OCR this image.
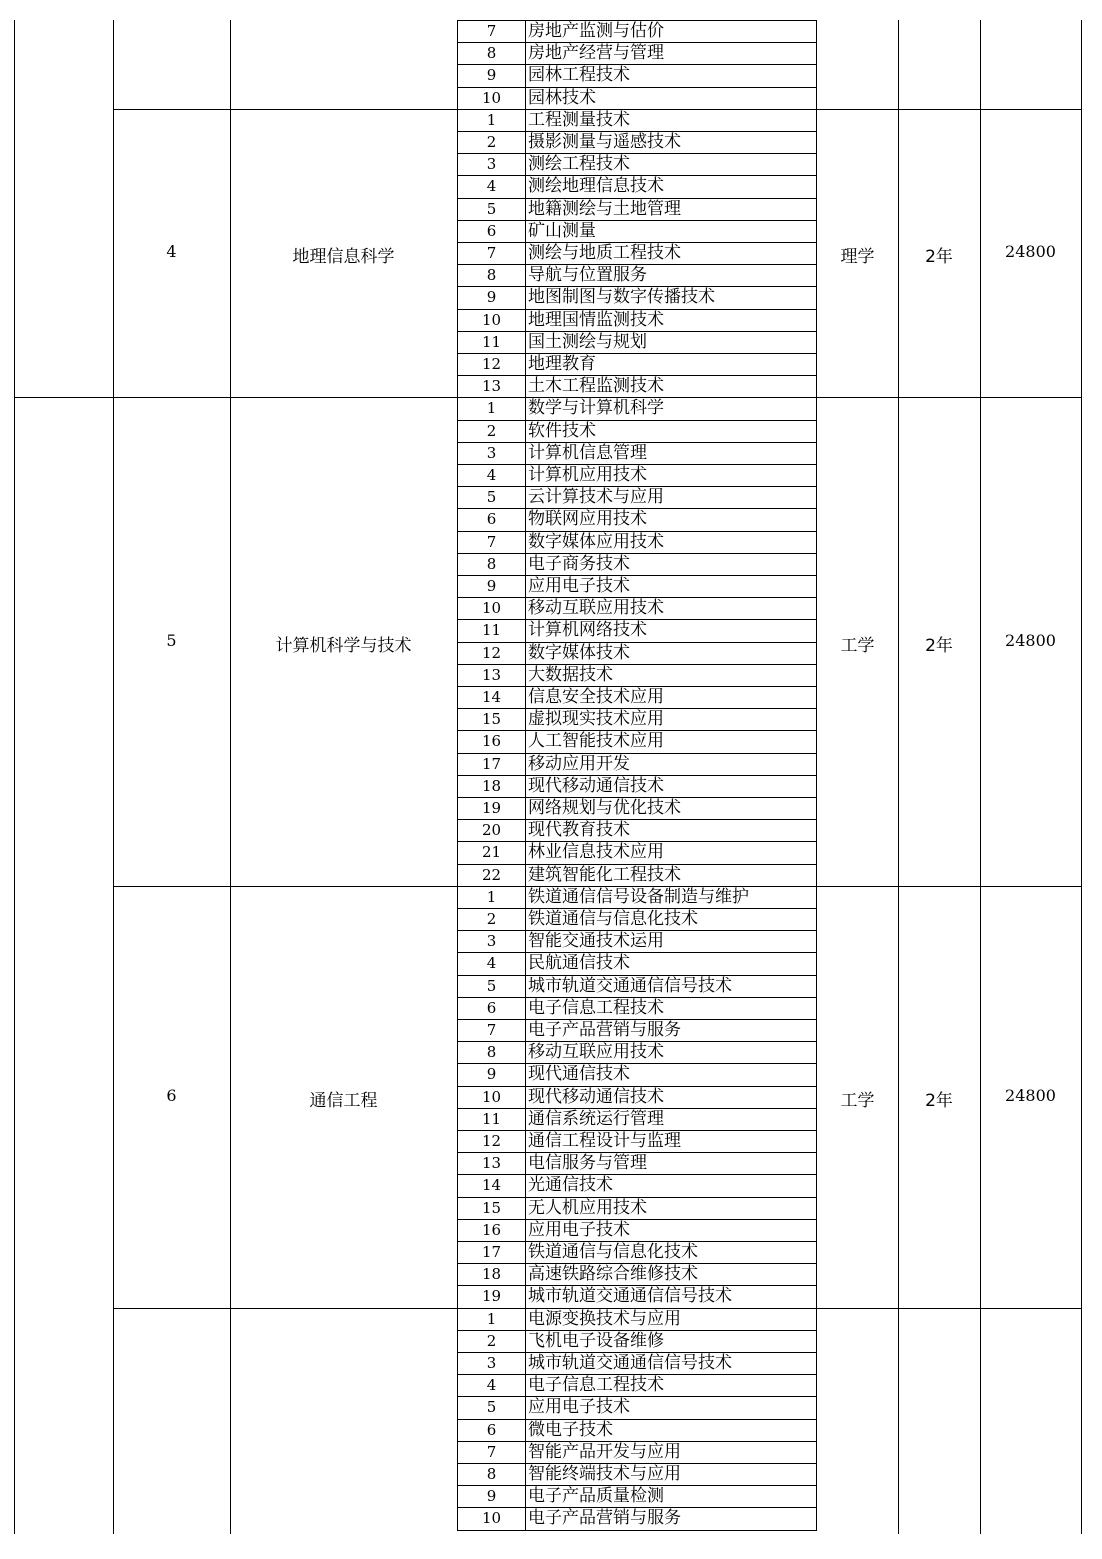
7	房地产监测与估价
8	房地产经营与管理
9	园林工程技术
10	园林技术
1	工程测量技术
2	摄影测量与遥感技术
3	测绘工程技术
4	测绘地理信息技术
5	地籍测绘与土地管理
6	矿山测量
7	测绘与地质工程技术
8	导航与位置服务
9	地图制图与数字传播技术
10	地理国情监测技术
11	国土测绘与规划
12	地理教育
13	土木工程监测技术
4	地理信息科学	理学	2年	24800
1	数学与计算机科学
2	软件技术
3	计算机信息管理
4	计算机应用技术
5	云计算技术与应用
6	物联网应用技术
7	数字媒体应用技术
8	电子商务技术
9	应用电子技术
10	移动互联应用技术
11	计算机网络技术
12	数字媒体技术
13	大数据技术
14	信息安全技术应用
15	虚拟现实技术应用
16	人工智能技术应用
17	移动应用开发
18	现代移动通信技术
19	网络规划与优化技术
20	现代教育技术
21	林业信息技术应用
22	建筑智能化工程技术
5	计算机科学与技术	工学	2年	24800
1	铁道通信信号设备制造与维护
2	铁道通信与信息化技术
3	智能交通技术运用
4	民航通信技术
5	城市轨道交通通信信号技术
6	电子信息工程技术
7	电子产品营销与服务
8	移动互联应用技术
9	现代通信技术
10	现代移动通信技术
11	通信系统运行管理
12	通信工程设计与监理
13	电信服务与管理
14	光通信技术
15	无人机应用技术
16	应用电子技术
17	铁道通信与信息化技术
18	高速铁路综合维修技术
19	城市轨道交通通信信号技术
6	通信工程	工学	2年	24800
1	电源变换技术与应用
2	飞机电子设备维修
3	城市轨道交通通信信号技术
4	电子信息工程技术
5	应用电子技术
6	微电子技术
7	智能产品开发与应用
8	智能终端技术与应用
9	电子产品质量检测
10	电子产品营销与服务
